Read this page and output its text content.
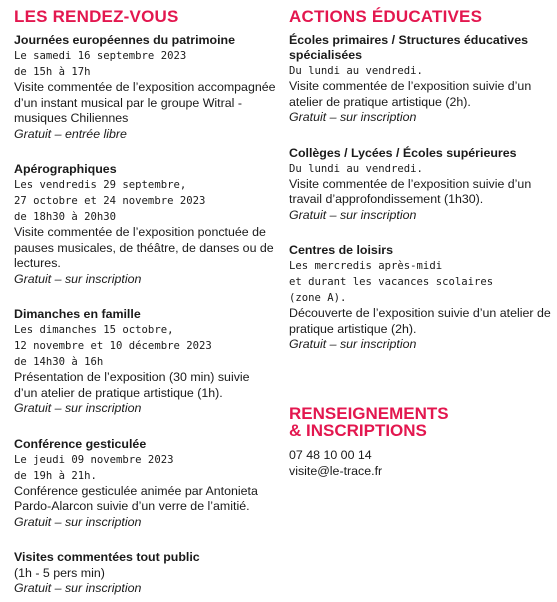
LES RENDEZ-VOUS
Journées européennes du patrimoine
Le samedi 16 septembre 2023
de 15h à 17h
Visite commentée de l’exposition accompagnée d’un instant musical par le groupe Witral - musiques Chiliennes
Gratuit – entrée libre
Apérographiques
Les vendredis 29 septembre,
27 octobre et 24 novembre 2023
de 18h30 à 20h30
Visite commentée de l’exposition ponctuée de pauses musicales, de théâtre, de danses ou de lectures.
Gratuit – sur inscription
Dimanches en famille
Les dimanches 15 octobre,
12 novembre et 10 décembre 2023
de 14h30 à 16h
Présentation de l’exposition (30 min) suivie d’un atelier de pratique artistique (1h).
Gratuit – sur inscription
Conférence gesticulée
Le jeudi 09 novembre 2023
de 19h à 21h.
Conférence gesticulée animée par Antonieta Pardo-Alarcon suivie d’un verre de l’amitié.
Gratuit – sur inscription
Visites commentées tout public
(1h - 5 pers min)
Gratuit – sur inscription
ACTIONS ÉDUCATIVES
Écoles primaires / Structures éducatives spécialisées
Du lundi au vendredi.
Visite commentée de l’exposition suivie d’un atelier de pratique artistique (2h).
Gratuit – sur inscription
Collèges / Lycées / Écoles supérieures
Du lundi au vendredi.
Visite commentée de l’exposition suivie d’un travail d’approfondissement (1h30).
Gratuit – sur inscription
Centres de loisirs
Les mercredis après-midi
et durant les vacances scolaires
(zone A).
Découverte de l’exposition suivie d’un atelier de pratique artistique (2h).
Gratuit – sur inscription
RENSEIGNEMENTS
& INSCRIPTIONS
07 48 10 00 14
visite@le-trace.fr
